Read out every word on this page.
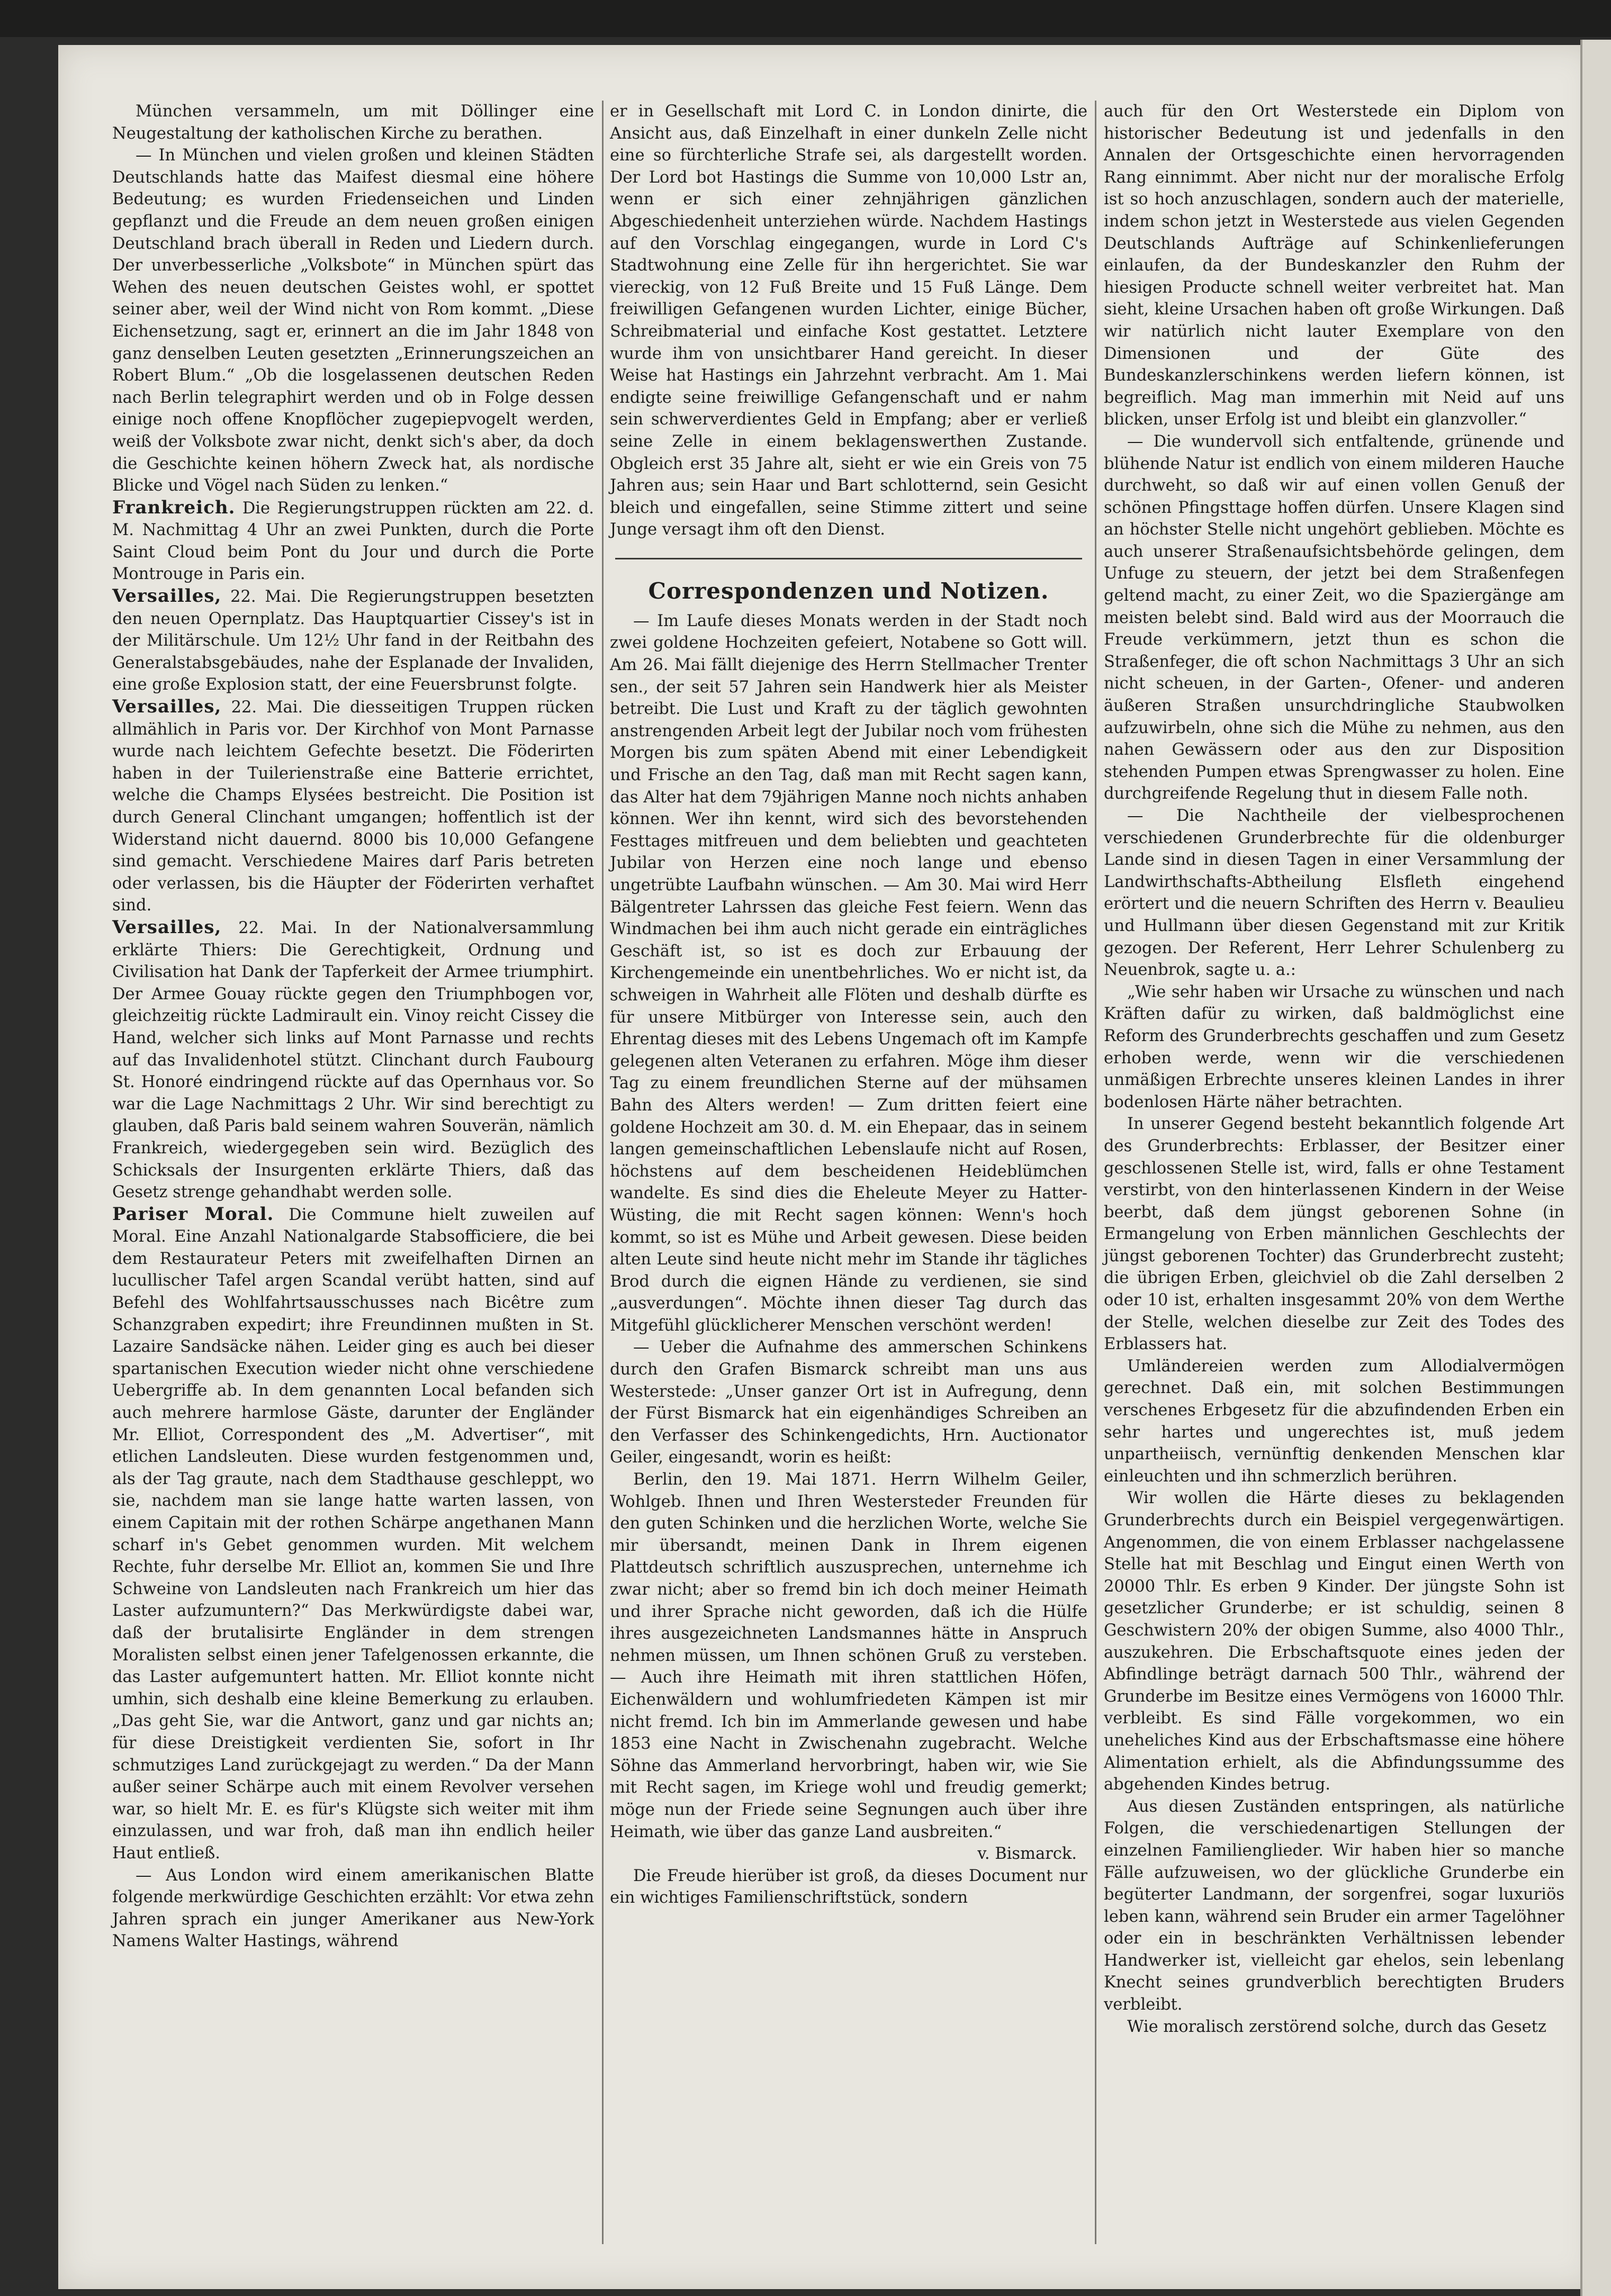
München versammeln, um mit Döllinger eine Neugestaltung der katholischen Kirche zu berathen.

— In München und vielen großen und kleinen Städten Deutschlands hatte das Maifest diesmal eine höhere Bedeutung; es wurden Friedenseichen und Linden gepflanzt und die Freude an dem neuen großen einigen Deutschland brach überall in Reden und Liedern durch. Der unverbesserliche „Volksbote“ in München spürt das Wehen des neuen deutschen Geistes wohl, er spottet seiner aber, weil der Wind nicht von Rom kommt. „Diese Eichensetzung, sagt er, erinnert an die im Jahr 1848 von ganz denselben Leuten gesetzten „Erinnerungszeichen an Robert Blum.“ „Ob die losgelassenen deutschen Reden nach Berlin telegraphirt werden und ob in Folge dessen einige noch offene Knopflöcher zugepiepvogelt werden, weiß der Volksbote zwar nicht, denkt sich's aber, da doch die Geschichte keinen höhern Zweck hat, als nordische Blicke und Vögel nach Süden zu lenken.“

Frankreich. Die Regierungstruppen rückten am 22. d. M. Nachmittag 4 Uhr an zwei Punkten, durch die Porte Saint Cloud beim Pont du Jour und durch die Porte Montrouge in Paris ein.

Versailles, 22. Mai. Die Regierungstruppen besetzten den neuen Opernplatz. Das Hauptquartier Cissey's ist in der Militärschule. Um 12½ Uhr fand in der Reitbahn des Generalstabsgebäudes, nahe der Esplanade der Invaliden, eine große Explosion statt, der eine Feuersbrunst folgte.

Versailles, 22. Mai. Die diesseitigen Truppen rücken allmählich in Paris vor. Der Kirchhof von Mont Parnasse wurde nach leichtem Gefechte besetzt. Die Föderirten haben in der Tuilerienstraße eine Batterie errichtet, welche die Champs Elysées bestreicht. Die Position ist durch General Clinchant umgangen; hoffentlich ist der Widerstand nicht dauernd. 8000 bis 10,000 Gefangene sind gemacht. Verschiedene Maires darf Paris betreten oder verlassen, bis die Häupter der Föderirten verhaftet sind.

Versailles, 22. Mai. In der Nationalversammlung erklärte Thiers: Die Gerechtigkeit, Ordnung und Civilisation hat Dank der Tapferkeit der Armee triumphirt. Der Armee Gouay rückte gegen den Triumphbogen vor, gleichzeitig rückte Ladmirault ein. Vinoy reicht Cissey die Hand, welcher sich links auf Mont Parnasse und rechts auf das Invalidenhotel stützt. Clinchant durch Faubourg St. Honoré eindringend rückte auf das Opernhaus vor. So war die Lage Nachmittags 2 Uhr. Wir sind berechtigt zu glauben, daß Paris bald seinem wahren Souverän, nämlich Frankreich, wiedergegeben sein wird. Bezüglich des Schicksals der Insurgenten erklärte Thiers, daß das Gesetz strenge gehandhabt werden solle.

Pariser Moral. Die Commune hielt zuweilen auf Moral. Eine Anzahl Nationalgarde Stabsofficiere, die bei dem Restaurateur Peters mit zweifelhaften Dirnen an lucullischer Tafel argen Scandal verübt hatten, sind auf Befehl des Wohlfahrtsausschusses nach Bicêtre zum Schanzgraben expedirt; ihre Freundinnen mußten in St. Lazaire Sandsäcke nähen. Leider ging es auch bei dieser spartanischen Execution wieder nicht ohne verschiedene Uebergriffe ab. In dem genannten Local befanden sich auch mehrere harmlose Gäste, darunter der Engländer Mr. Elliot, Correspondent des „M. Advertiser“, mit etlichen Landsleuten. Diese wurden festgenommen und, als der Tag graute, nach dem Stadthause geschleppt, wo sie, nachdem man sie lange hatte warten lassen, von einem Capitain mit der rothen Schärpe angethanen Mann scharf in's Gebet genommen wurden. Mit welchem Rechte, fuhr derselbe Mr. Elliot an, kommen Sie und Ihre Schweine von Landsleuten nach Frankreich um hier das Laster aufzumuntern?“ Das Merkwürdigste dabei war, daß der brutalisirte Engländer in dem strengen Moralisten selbst einen jener Tafelgenossen erkannte, die das Laster aufgemuntert hatten. Mr. Elliot konnte nicht umhin, sich deshalb eine kleine Bemerkung zu erlauben. „Das geht Sie, war die Antwort, ganz und gar nichts an; für diese Dreistigkeit verdienten Sie, sofort in Ihr schmutziges Land zurückgejagt zu werden.“ Da der Mann außer seiner Schärpe auch mit einem Revolver versehen war, so hielt Mr. E. es für's Klügste sich weiter mit ihm einzulassen, und war froh, daß man ihn endlich heiler Haut entließ.

— Aus London wird einem amerikanischen Blatte folgende merkwürdige Geschichten erzählt: Vor etwa zehn Jahren sprach ein junger Amerikaner aus New-York Namens Walter Hastings, während

er in Gesellschaft mit Lord C. in London dinirte, die Ansicht aus, daß Einzelhaft in einer dunkeln Zelle nicht eine so fürchterliche Strafe sei, als dargestellt worden. Der Lord bot Hastings die Summe von 10,000 Lstr an, wenn er sich einer zehnjährigen gänzlichen Abgeschiedenheit unterziehen würde. Nachdem Hastings auf den Vorschlag eingegangen, wurde in Lord C's Stadtwohnung eine Zelle für ihn hergerichtet. Sie war viereckig, von 12 Fuß Breite und 15 Fuß Länge. Dem freiwilligen Gefangenen wurden Lichter, einige Bücher, Schreibmaterial und einfache Kost gestattet. Letztere wurde ihm von unsichtbarer Hand gereicht. In dieser Weise hat Hastings ein Jahrzehnt verbracht. Am 1. Mai endigte seine freiwillige Gefangenschaft und er nahm sein schwerverdientes Geld in Empfang; aber er verließ seine Zelle in einem beklagenswerthen Zustande. Obgleich erst 35 Jahre alt, sieht er wie ein Greis von 75 Jahren aus; sein Haar und Bart schlotternd, sein Gesicht bleich und eingefallen, seine Stimme zittert und seine Junge versagt ihm oft den Dienst.

Correspondenzen und Notizen.

— Im Laufe dieses Monats werden in der Stadt noch zwei goldene Hochzeiten gefeiert, Notabene so Gott will. Am 26. Mai fällt diejenige des Herrn Stellmacher Trenter sen., der seit 57 Jahren sein Handwerk hier als Meister betreibt. Die Lust und Kraft zu der täglich gewohnten anstrengenden Arbeit legt der Jubilar noch vom frühesten Morgen bis zum späten Abend mit einer Lebendigkeit und Frische an den Tag, daß man mit Recht sagen kann, das Alter hat dem 79jährigen Manne noch nichts anhaben können. Wer ihn kennt, wird sich des bevorstehenden Festtages mitfreuen und dem beliebten und geachteten Jubilar von Herzen eine noch lange und ebenso ungetrübte Laufbahn wünschen. — Am 30. Mai wird Herr Bälgentreter Lahrssen das gleiche Fest feiern. Wenn das Windmachen bei ihm auch nicht gerade ein einträgliches Geschäft ist, so ist es doch zur Erbauung der Kirchengemeinde ein unentbehrliches. Wo er nicht ist, da schweigen in Wahrheit alle Flöten und deshalb dürfte es für unsere Mitbürger von Interesse sein, auch den Ehrentag dieses mit des Lebens Ungemach oft im Kampfe gelegenen alten Veteranen zu erfahren. Möge ihm dieser Tag zu einem freundlichen Sterne auf der mühsamen Bahn des Alters werden! — Zum dritten feiert eine goldene Hochzeit am 30. d. M. ein Ehepaar, das in seinem langen gemeinschaftlichen Lebenslaufe nicht auf Rosen, höchstens auf dem bescheidenen Heideblümchen wandelte. Es sind dies die Eheleute Meyer zu Hatter-Wüsting, die mit Recht sagen können: Wenn's hoch kommt, so ist es Mühe und Arbeit gewesen. Diese beiden alten Leute sind heute nicht mehr im Stande ihr tägliches Brod durch die eignen Hände zu verdienen, sie sind „ausverdungen“. Möchte ihnen dieser Tag durch das Mitgefühl glücklicherer Menschen verschönt werden!

— Ueber die Aufnahme des ammerschen Schinkens durch den Grafen Bismarck schreibt man uns aus Westerstede: „Unser ganzer Ort ist in Aufregung, denn der Fürst Bismarck hat ein eigenhändiges Schreiben an den Verfasser des Schinkengedichts, Hrn. Auctionator Geiler, eingesandt, worin es heißt:

Berlin, den 19. Mai 1871. Herrn Wilhelm Geiler, Wohlgeb. Ihnen und Ihren Westersteder Freunden für den guten Schinken und die herzlichen Worte, welche Sie mir übersandt, meinen Dank in Ihrem eigenen Plattdeutsch schriftlich auszusprechen, unternehme ich zwar nicht; aber so fremd bin ich doch meiner Heimath und ihrer Sprache nicht geworden, daß ich die Hülfe ihres ausgezeichneten Landsmannes hätte in Anspruch nehmen müssen, um Ihnen schönen Gruß zu versteben. — Auch ihre Heimath mit ihren stattlichen Höfen, Eichenwäldern und wohlumfriedeten Kämpen ist mir nicht fremd. Ich bin im Ammerlande gewesen und habe 1853 eine Nacht in Zwischenahn zugebracht. Welche Söhne das Ammerland hervorbringt, haben wir, wie Sie mit Recht sagen, im Kriege wohl und freudig gemerkt; möge nun der Friede seine Segnungen auch über ihre Heimath, wie über das ganze Land ausbreiten.“

v. Bismarck.

Die Freude hierüber ist groß, da dieses Document nur ein wichtiges Familienschriftstück, sondern

auch für den Ort Westerstede ein Diplom von historischer Bedeutung ist und jedenfalls in den Annalen der Ortsgeschichte einen hervorragenden Rang einnimmt. Aber nicht nur der moralische Erfolg ist so hoch anzuschlagen, sondern auch der materielle, indem schon jetzt in Westerstede aus vielen Gegenden Deutschlands Aufträge auf Schinkenlieferungen einlaufen, da der Bundeskanzler den Ruhm der hiesigen Producte schnell weiter verbreitet hat. Man sieht, kleine Ursachen haben oft große Wirkungen. Daß wir natürlich nicht lauter Exemplare von den Dimensionen und der Güte des Bundeskanzlerschinkens werden liefern können, ist begreiflich. Mag man immerhin mit Neid auf uns blicken, unser Erfolg ist und bleibt ein glanzvoller.“

— Die wundervoll sich entfaltende, grünende und blühende Natur ist endlich von einem milderen Hauche durchweht, so daß wir auf einen vollen Genuß der schönen Pfingsttage hoffen dürfen. Unsere Klagen sind an höchster Stelle nicht ungehört geblieben. Möchte es auch unserer Straßenaufsichtsbehörde gelingen, dem Unfuge zu steuern, der jetzt bei dem Straßenfegen geltend macht, zu einer Zeit, wo die Spaziergänge am meisten belebt sind. Bald wird aus der Moorrauch die Freude verkümmern, jetzt thun es schon die Straßenfeger, die oft schon Nachmittags 3 Uhr an sich nicht scheuen, in der Garten-, Ofener- und anderen äußeren Straßen unsurchdringliche Staubwolken aufzuwirbeln, ohne sich die Mühe zu nehmen, aus den nahen Gewässern oder aus den zur Disposition stehenden Pumpen etwas Sprengwasser zu holen. Eine durchgreifende Regelung thut in diesem Falle noth.

— Die Nachtheile der vielbesprochenen verschiedenen Grunderbrechte für die oldenburger Lande sind in diesen Tagen in einer Versammlung der Landwirthschafts-Abtheilung Elsfleth eingehend erörtert und die neuern Schriften des Herrn v. Beaulieu und Hullmann über diesen Gegenstand mit zur Kritik gezogen. Der Referent, Herr Lehrer Schulenberg zu Neuenbrok, sagte u. a.:

„Wie sehr haben wir Ursache zu wünschen und nach Kräften dafür zu wirken, daß baldmöglichst eine Reform des Grunderbrechts geschaffen und zum Gesetz erhoben werde, wenn wir die verschiedenen unmäßigen Erbrechte unseres kleinen Landes in ihrer bodenlosen Härte näher betrachten.

In unserer Gegend besteht bekanntlich folgende Art des Grunderbrechts: Erblasser, der Besitzer einer geschlossenen Stelle ist, wird, falls er ohne Testament verstirbt, von den hinterlassenen Kindern in der Weise beerbt, daß dem jüngst geborenen Sohne (in Ermangelung von Erben männlichen Geschlechts der jüngst geborenen Tochter) das Grunderbrecht zusteht; die übrigen Erben, gleichviel ob die Zahl derselben 2 oder 10 ist, erhalten insgesammt 20% von dem Werthe der Stelle, welchen dieselbe zur Zeit des Todes des Erblassers hat.

Umländereien werden zum Allodialvermögen gerechnet. Daß ein, mit solchen Bestimmungen verschenes Erbgesetz für die abzufindenden Erben ein sehr hartes und ungerechtes ist, muß jedem unpartheiisch, vernünftig denkenden Menschen klar einleuchten und ihn schmerzlich berühren.

Wir wollen die Härte dieses zu beklagenden Grunderbrechts durch ein Beispiel vergegenwärtigen. Angenommen, die von einem Erblasser nachgelassene Stelle hat mit Beschlag und Eingut einen Werth von 20000 Thlr. Es erben 9 Kinder. Der jüngste Sohn ist gesetzlicher Grunderbe; er ist schuldig, seinen 8 Geschwistern 20% der obigen Summe, also 4000 Thlr., auszukehren. Die Erbschaftsquote eines jeden der Abfindlinge beträgt darnach 500 Thlr., während der Grunderbe im Besitze eines Vermögens von 16000 Thlr. verbleibt. Es sind Fälle vorgekommen, wo ein uneheliches Kind aus der Erbschaftsmasse eine höhere Alimentation erhielt, als die Abfindungssumme des abgehenden Kindes betrug.

Aus diesen Zuständen entspringen, als natürliche Folgen, die verschiedenartigen Stellungen der einzelnen Familienglieder. Wir haben hier so manche Fälle aufzuweisen, wo der glückliche Grunderbe ein begüterter Landmann, der sorgenfrei, sogar luxuriös leben kann, während sein Bruder ein armer Tagelöhner oder ein in beschränkten Verhältnissen lebender Handwerker ist, vielleicht gar ehelos, sein lebenlang Knecht seines grundverblich berechtigten Bruders verbleibt.

Wie moralisch zerstörend solche, durch das Gesetz
